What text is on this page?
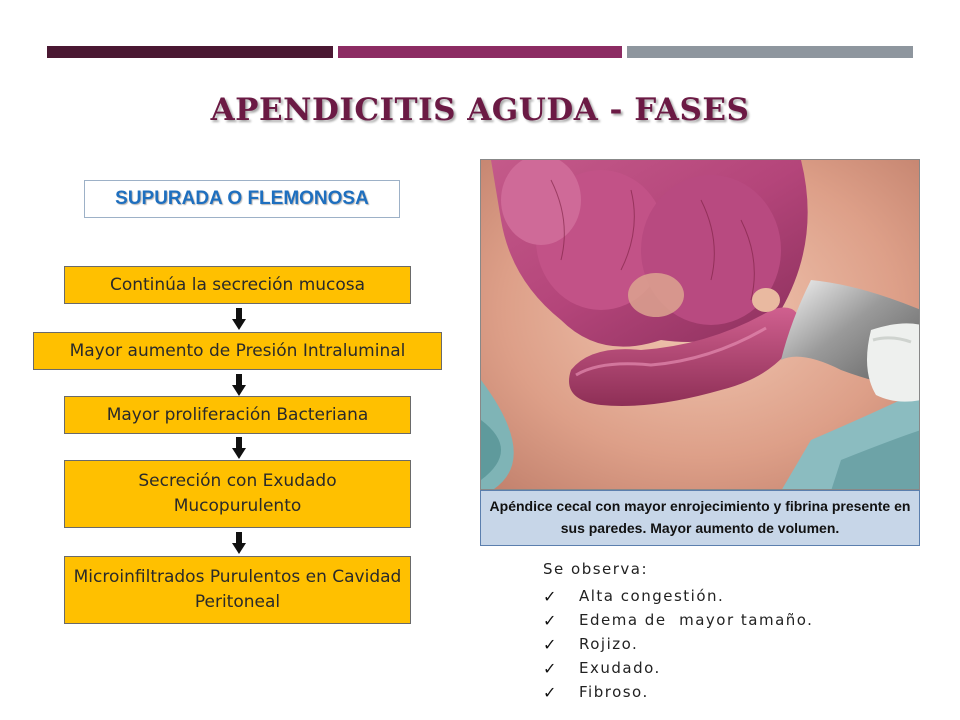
APENDICITIS AGUDA - FASES
SUPURADA O FLEMONOSA
Continúa la secreción mucosa
Mayor aumento de Presión Intraluminal
Mayor proliferación Bacteriana
Secreción con Exudado Mucopurulento
Microinfiltrados Purulentos en Cavidad Peritoneal
Apéndice cecal con mayor enrojecimiento y fibrina presente en sus paredes. Mayor aumento de volumen.
Se observa:
✓	Alta congestión.
✓	Edema de  mayor tamaño.
✓	Rojizo.
✓	Exudado.
✓	Fibroso.
